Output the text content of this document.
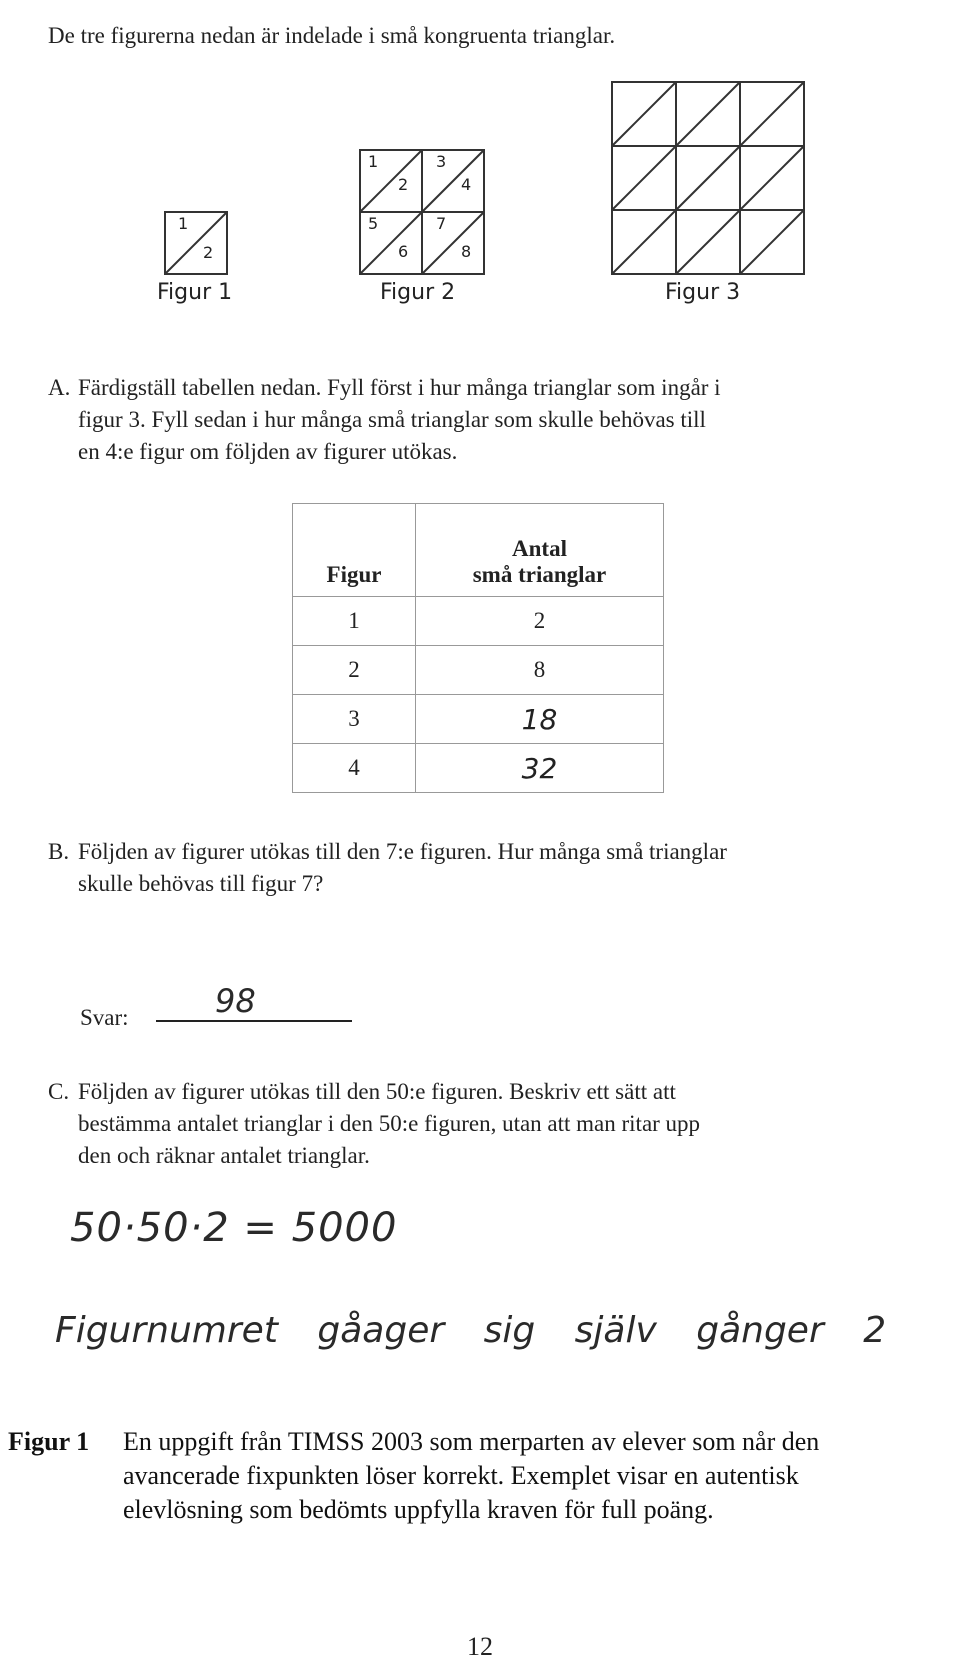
De tre figurerna nedan är indelade i små kongruenta trianglar.
1
2
1
2
3
4
5
6
7
8
Figur 1	Figur 2	Figur 3
A. Färdigställ tabellen nedan. Fyll först i hur många trianglar som ingår i
figur 3. Fyll sedan i hur många små trianglar som skulle behövas till
en 4:e figur om följden av figurer utökas.
Figur	Antal
små trianglar
1	2
2	8
3	18
4	32
B. Följden av figurer utökas till den 7:e figuren. Hur många små trianglar
skulle behövas till figur 7?
Svar:	98
C. Följden av figurer utökas till den 50:e figuren. Beskriv ett sätt att
bestämma antalet trianglar i den 50:e figuren, utan att man ritar upp
den och räknar antalet trianglar.
50·50·2 = 5000
Figurnumret gåager sig själv gånger 2
Figur 1 En uppgift från TIMSS 2003 som merparten av elever som når den
avancerade fixpunkten löser korrekt. Exemplet visar en autentisk
elevlösning som bedömts uppfylla kraven för full poäng.
12
